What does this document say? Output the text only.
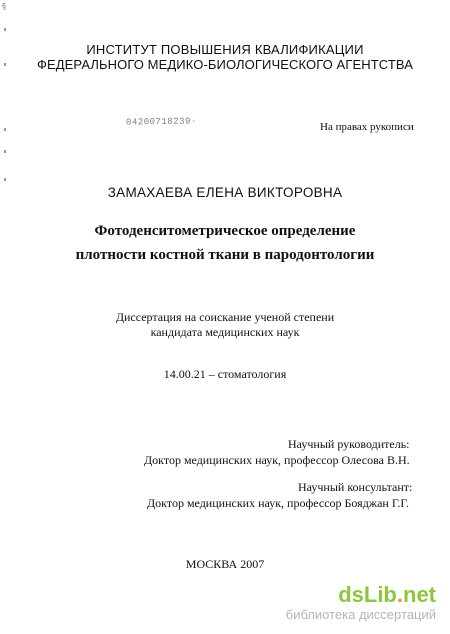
§
ИНСТИТУТ ПОВЫШЕНИЯ КВАЛИФИКАЦИИ
ФЕДЕРАЛЬНОГО МЕДИКО-БИОЛОГИЧЕСКОГО АГЕНТСТВА
04200718239-	На правах рукописи
ЗАМАХАЕВА ЕЛЕНА ВИКТОРОВНА
Фотоденситометрическое определение
плотности костной ткани в пародонтологии
Диссертация на соискание ученой степени
кандидата медицинских наук
14.00.21 – стоматология
Научный руководитель:
Доктор медицинских наук, профессор Олесова В.Н.
Научный консультант:
Доктор медицинских наук, профессор Бояджан Г.Г.
МОСКВА 2007
dsLib.net
библиотека диссертаций
